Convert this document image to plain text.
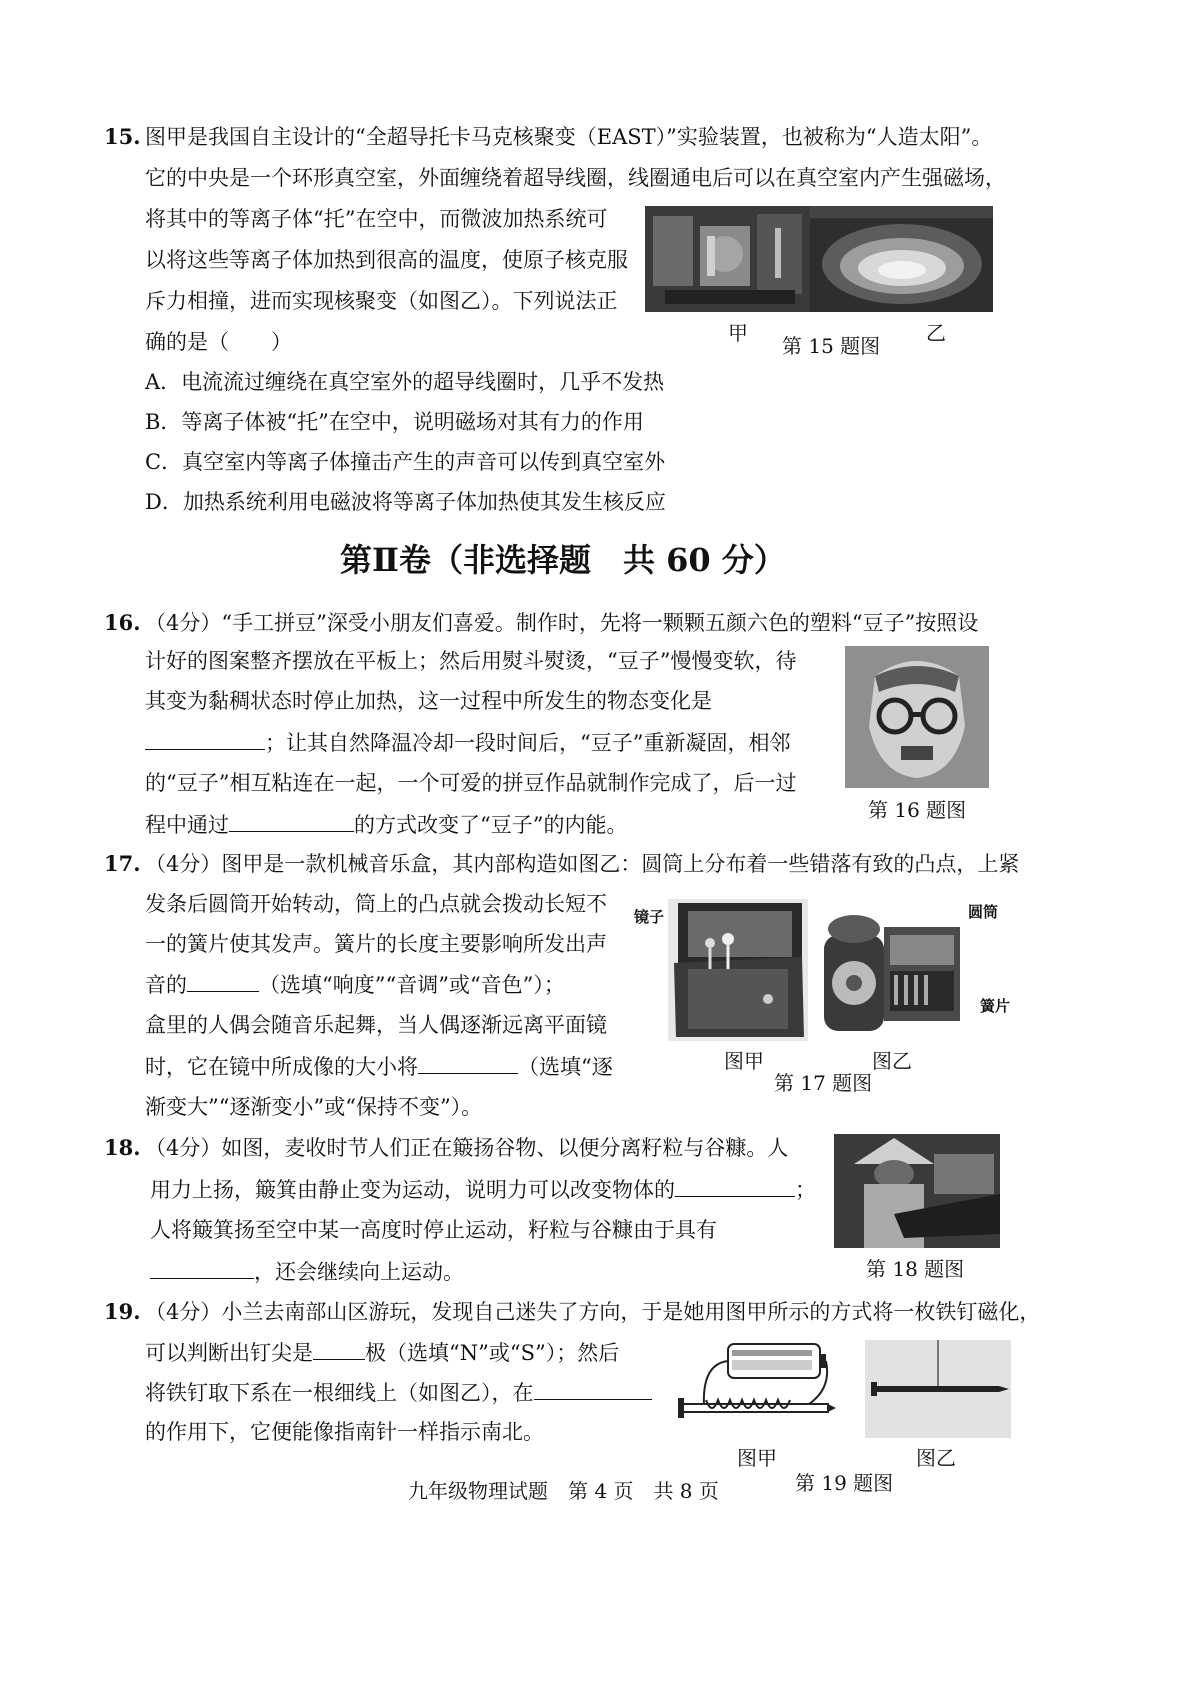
15. 图甲是我国自主设计的“全超导托卡马克核聚变（EAST）”实验装置，也被称为“人造太阳”。
它的中央是一个环形真空室，外面缠绕着超导线圈，线圈通电后可以在真空室内产生强磁场，
将其中的等离子体“托”在空中，而微波加热系统可
以将这些等离子体加热到很高的温度，使原子核克服
斥力相撞，进而实现核聚变（如图乙）。下列说法正
确的是（　　）
A．电流流过缠绕在真空室外的超导线圈时，几乎不发热
B．等离子体被“托”在空中，说明磁场对其有力的作用
C．真空室内等离子体撞击产生的声音可以传到真空室外
D．加热系统利用电磁波将等离子体加热使其发生核反应
甲	乙
第 15 题图
第Ⅱ卷（非选择题　共 60 分）
16. （4分）“手工拼豆”深受小朋友们喜爱。制作时，先将一颗颗五颜六色的塑料“豆子”按照设
计好的图案整齐摆放在平板上；然后用熨斗熨烫，“豆子”慢慢变软，待
其变为黏稠状态时停止加热，这一过程中所发生的物态变化是
；让其自然降温冷却一段时间后，“豆子”重新凝固，相邻
的“豆子”相互粘连在一起，一个可爱的拼豆作品就制作完成了，后一过
程中通过	的方式改变了“豆子”的内能。
第 16 题图
17. （4分）图甲是一款机械音乐盒，其内部构造如图乙：圆筒上分布着一些错落有致的凸点，上紧
发条后圆筒开始转动，筒上的凸点就会拨动长短不
一的簧片使其发声。簧片的长度主要影响所发出声
音的	（选填“响度”“音调”或“音色”）；
盒里的人偶会随音乐起舞，当人偶逐渐远离平面镜
时，它在镜中所成像的大小将	（选填“逐
渐变大”“逐渐变小”或“保持不变”）。
镜子	圆筒
簧片
图甲	图乙
第 17 题图
18. （4分）如图，麦收时节人们正在簸扬谷物、以便分离籽粒与谷糠。人
用力上扬，簸箕由静止变为运动，说明力可以改变物体的	；
人将簸箕扬至空中某一高度时停止运动，籽粒与谷糠由于具有
，还会继续向上运动。	第 18 题图
19. （4分）小兰去南部山区游玩，发现自己迷失了方向，于是她用图甲所示的方式将一枚铁钉磁化，
可以判断出钉尖是 极（选填“N”或“S”）；然后
将铁钉取下系在一根细线上（如图乙），在
的作用下，它便能像指南针一样指示南北。
图甲	图乙
第 19 题图
九年级物理试题　第 4 页　共 8 页
